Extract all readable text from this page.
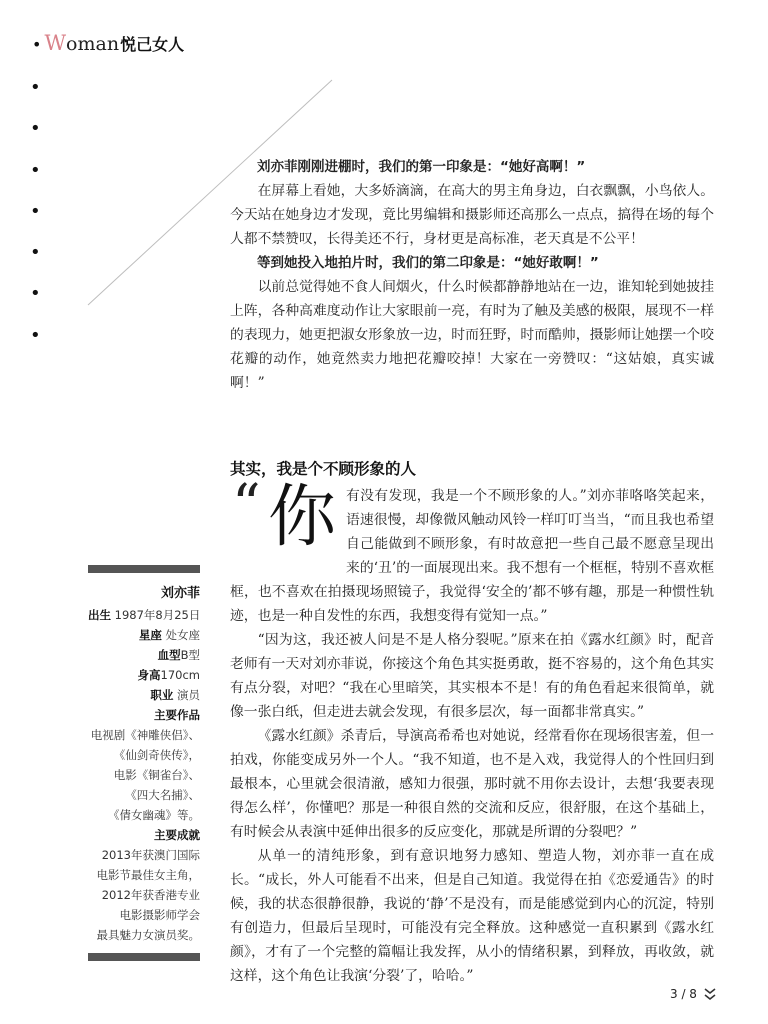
• W oman 悦己女人
•
•
•
•
•
•
•

刘亦菲刚刚进棚时，我们的第一印象是：“她好高啊！”

在屏幕上看她，大多娇滴滴，在高大的男主角身边，白衣飘飘，小鸟依人。今天站在她身边才发现，竟比男编辑和摄影师还高那么一点点，搞得在场的每个人都不禁赞叹，长得美还不行，身材更是高标准，老天真是不公平！

等到她投入地拍片时，我们的第二印象是：“她好敢啊！”

以前总觉得她不食人间烟火，什么时候都静静地站在一边，谁知轮到她披挂上阵，各种高难度动作让大家眼前一亮，有时为了触及美感的极限，展现不一样的表现力，她更把淑女形象放一边，时而狂野，时而酷帅，摄影师让她摆一个咬花瓣的动作，她竟然卖力地把花瓣咬掉！大家在一旁赞叹：“这姑娘，真实诚啊！”

其实，我是个不顾形象的人
“ 你 有没有发现，我是一个不顾形象的人。”刘亦菲咯咯笑起来，语速很慢，却像微风触动风铃一样叮叮当当，“而且我也希望自己能做到不顾形象，有时故意把一些自己最不愿意呈现出来的‘丑’的一面展现出来。我不想有一个框框，特别不喜欢框框，也不喜欢在拍摄现场照镜子，我觉得‘安全的’都不够有趣，那是一种惯性轨迹，也是一种自发性的东西，我想变得有觉知一点。”

“因为这，我还被人问是不是人格分裂呢。”原来在拍《露水红颜》时，配音老师有一天对刘亦菲说，你接这个角色其实挺勇敢，挺不容易的，这个角色其实有点分裂，对吧？“我在心里暗笑，其实根本不是！有的角色看起来很简单，就像一张白纸，但走进去就会发现，有很多层次，每一面都非常真实。”

《露水红颜》杀青后，导演高希希也对她说，经常看你在现场很害羞，但一拍戏，你能变成另外一个人。“我不知道，也不是入戏，我觉得人的个性回归到最根本，心里就会很清澈，感知力很强，那时就不用你去设计，去想‘我要表现得怎么样’，你懂吧？那是一种很自然的交流和反应，很舒服，在这个基础上，有时候会从表演中延伸出很多的反应变化，那就是所谓的分裂吧？”

从单一的清纯形象，到有意识地努力感知、塑造人物，刘亦菲一直在成长。“成长，外人可能看不出来，但是自己知道。我觉得在拍《恋爱通告》的时候，我的状态很静很静，我说的‘静’不是没有，而是能感觉到内心的沉淀，特别有创造力，但最后呈现时，可能没有完全释放。这种感觉一直积累到《露水红颜》，才有了一个完整的篇幅让我发挥，从小的情绪积累，到释放，再收敛，就这样，这个角色让我演‘分裂’了，哈哈。”

刘亦菲
出生 1987年8月25日
星座 处女座
血型B型
身高170cm
职业 演员
主要作品
电视剧《神雕侠侣》、
《仙剑奇侠传》，
电影《铜雀台》、
《四大名捕》、
《倩女幽魂》等。
主要成就
2013年获澳门国际
电影节最佳女主角，
2012年获香港专业
电影摄影师学会
最具魅力女演员奖。
3 / 8
